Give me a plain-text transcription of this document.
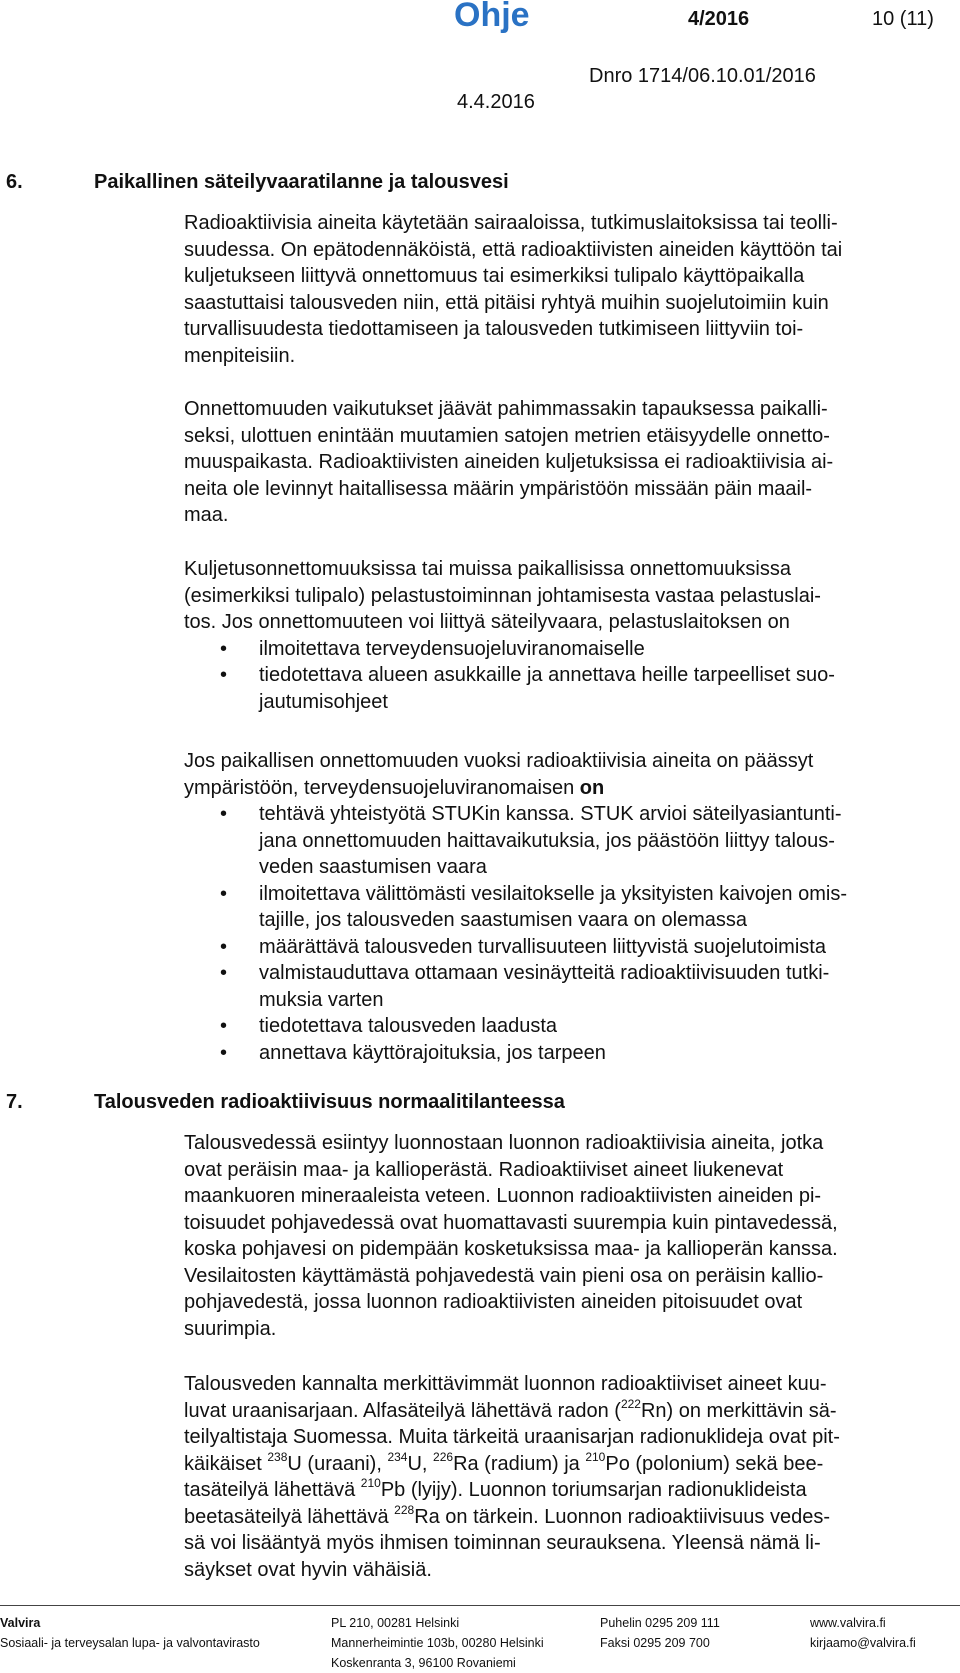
Ohje	4/2016	10 (11)
Dnro 1714/06.10.01/2016
4.4.2016
6.	Paikallinen säteilyvaaratilanne ja talousvesi
Radioaktiivisia aineita käytetään sairaaloissa, tutkimuslaitoksissa tai teolli-
suudessa. On epätodennäköistä, että radioaktiivisten aineiden käyttöön tai
kuljetukseen liittyvä onnettomuus tai esimerkiksi tulipalo käyttöpaikalla
saastuttaisi talousveden niin, että pitäisi ryhtyä muihin suojelutoimiin kuin
turvallisuudesta tiedottamiseen ja talousveden tutkimiseen liittyviin toi-
menpiteisiin.
Onnettomuuden vaikutukset jäävät pahimmassakin tapauksessa paikalli-
seksi, ulottuen enintään muutamien satojen metrien etäisyydelle onnetto-
muuspaikasta. Radioaktiivisten aineiden kuljetuksissa ei radioaktiivisia ai-
neita ole levinnyt haitallisessa määrin ympäristöön missään päin maail-
maa.
Kuljetusonnettomuuksissa tai muissa paikallisissa onnettomuuksissa
(esimerkiksi tulipalo) pelastustoiminnan johtamisesta vastaa pelastuslai-
tos. Jos onnettomuuteen voi liittyä säteilyvaara, pelastuslaitoksen on
• ilmoitettava terveydensuojeluviranomaiselle
• tiedotettava alueen asukkaille ja annettava heille tarpeelliset suo-
jautumisohjeet
Jos paikallisen onnettomuuden vuoksi radioaktiivisia aineita on päässyt
ympäristöön, terveydensuojeluviranomaisen on
• tehtävä yhteistyötä STUKin kanssa. STUK arvioi säteilyasiantunti-
jana onnettomuuden haittavaikutuksia, jos päästöön liittyy talous-
veden saastumisen vaara
• ilmoitettava välittömästi vesilaitokselle ja yksityisten kaivojen omis-
tajille, jos talousveden saastumisen vaara on olemassa
• määrättävä talousveden turvallisuuteen liittyvistä suojelutoimista
• valmistauduttava ottamaan vesinäytteitä radioaktiivisuuden tutki-
muksia varten
• tiedotettava talousveden laadusta
• annettava käyttörajoituksia, jos tarpeen
7.	Talousveden radioaktiivisuus normaalitilanteessa
Talousvedessä esiintyy luonnostaan luonnon radioaktiivisia aineita, jotka
ovat peräisin maa- ja kallioperästä. Radioaktiiviset aineet liukenevat
maankuoren mineraaleista veteen. Luonnon radioaktiivisten aineiden pi-
toisuudet pohjavedessä ovat huomattavasti suurempia kuin pintavedessä,
koska pohjavesi on pidempään kosketuksissa maa- ja kallioperän kanssa.
Vesilaitosten käyttämästä pohjavedestä vain pieni osa on peräisin kallio-
pohjavedestä, jossa luonnon radioaktiivisten aineiden pitoisuudet ovat
suurimpia.
Talousveden kannalta merkittävimmät luonnon radioaktiiviset aineet kuu-
luvat uraanisarjaan. Alfasäteilyä lähettävä radon ($^{222}$Rn) on merkittävin sä-
teilyaltistaja Suomessa. Muita tärkeitä uraanisarjan radionuklideja ovat pit-
käikäiset $^{238}$U (uraani), $^{234}$U, $^{226}$Ra (radium) ja $^{210}$Po (polonium) sekä bee-
tasäteilyä lähettävä $^{210}$Pb (lyijy). Luonnon toriumsarjan radionuklideista
beetasäteilyä lähettävä $^{228}$Ra on tärkein. Luonnon radioaktiivisuus vedes-
sä voi lisääntyä myös ihmisen toiminnan seurauksena. Yleensä nämä li-
säykset ovat hyvin vähäisiä.
Valvira
Sosiaali- ja terveysalan lupa- ja valvontavirasto
PL 210, 00281 Helsinki
Mannerheimintie 103b, 00280 Helsinki
Koskenranta 3, 96100 Rovaniemi
Puhelin 0295 209 111
Faksi 0295 209 700
www.valvira.fi
kirjaamo@valvira.fi
